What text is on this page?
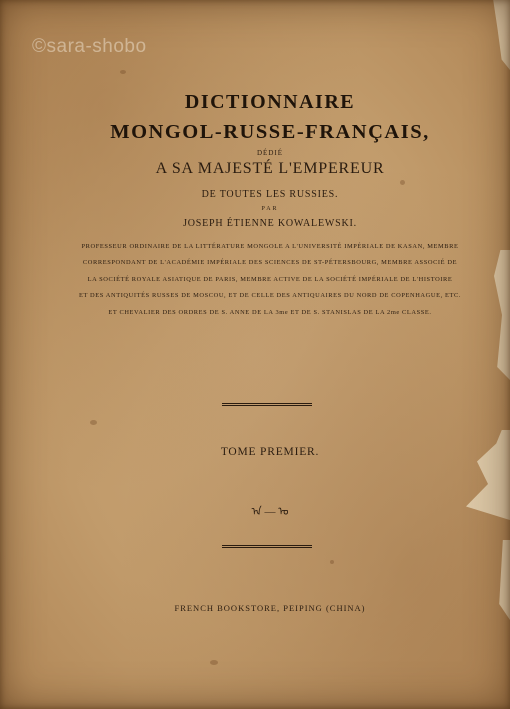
©sara-shobo
DICTIONNAIRE
MONGOL-RUSSE-FRANÇAIS,
DÉDIÉ
A SA MAJESTÉ L'EMPEREUR
DE TOUTES LES RUSSIES.
PAR
JOSEPH ÉTIENNE KOWALEWSKI.
PROFESSEUR ORDINAIRE DE LA LITTÉRATURE MONGOLE A L'UNIVERSITÉ IMPÉRIALE DE KASAN, MEMBRE
CORRESPONDANT DE L'ACADÉMIE IMPÉRIALE DES SCIENCES DE ST-PÉTERSBOURG, MEMBRE ASSOCIÉ DE
LA SOCIÉTÉ ROYALE ASIATIQUE DE PARIS, MEMBRE ACTIVE DE LA SOCIÉTÉ IMPÉRIALE DE L'HISTOIRE
ET DES ANTIQUITÉS RUSSES DE MOSCOU, ET DE CELLE DES ANTIQUAIRES DU NORD DE COPENHAGUE, ETC.
ET CHEVALIER DES ORDRES DE S. ANNE DE LA 3me ET DE S. STANISLAS DE LA 2me CLASSE.
TOME PREMIER.
ᠠ — ᠣ
FRENCH BOOKSTORE, PEIPING (CHINA)
